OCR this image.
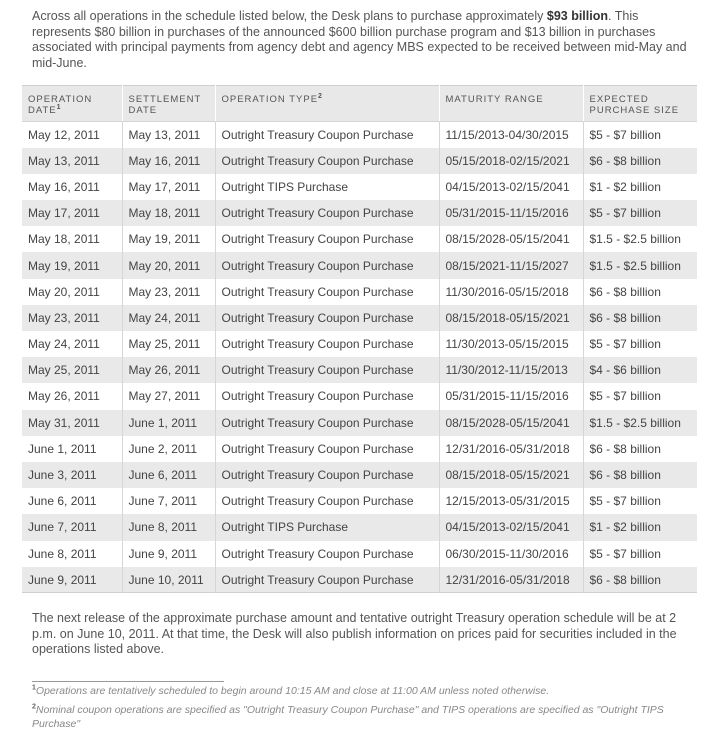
Across all operations in the schedule listed below, the Desk plans to purchase approximately $93 billion. This represents $80 billion in purchases of the announced $600 billion purchase program and $13 billion in purchases associated with principal payments from agency debt and agency MBS expected to be received between mid-May and mid-June.

OPERATION DATE$^1$	SETTLEMENT DATE	OPERATION TYPE$^2$	MATURITY RANGE	EXPECTED PURCHASE SIZE
May 12, 2011	May 13, 2011	Outright Treasury Coupon Purchase	11/15/2013-04/30/2015	$5 - $7 billion
May 13, 2011	May 16, 2011	Outright Treasury Coupon Purchase	05/15/2018-02/15/2021	$6 - $8 billion
May 16, 2011	May 17, 2011	Outright TIPS Purchase	04/15/2013-02/15/2041	$1 - $2 billion
May 17, 2011	May 18, 2011	Outright Treasury Coupon Purchase	05/31/2015-11/15/2016	$5 - $7 billion
May 18, 2011	May 19, 2011	Outright Treasury Coupon Purchase	08/15/2028-05/15/2041	$1.5 - $2.5 billion
May 19, 2011	May 20, 2011	Outright Treasury Coupon Purchase	08/15/2021-11/15/2027	$1.5 - $2.5 billion
May 20, 2011	May 23, 2011	Outright Treasury Coupon Purchase	11/30/2016-05/15/2018	$6 - $8 billion
May 23, 2011	May 24, 2011	Outright Treasury Coupon Purchase	08/15/2018-05/15/2021	$6 - $8 billion
May 24, 2011	May 25, 2011	Outright Treasury Coupon Purchase	11/30/2013-05/15/2015	$5 - $7 billion
May 25, 2011	May 26, 2011	Outright Treasury Coupon Purchase	11/30/2012-11/15/2013	$4 - $6 billion
May 26, 2011	May 27, 2011	Outright Treasury Coupon Purchase	05/31/2015-11/15/2016	$5 - $7 billion
May 31, 2011	June 1, 2011	Outright Treasury Coupon Purchase	08/15/2028-05/15/2041	$1.5 - $2.5 billion
June 1, 2011	June 2, 2011	Outright Treasury Coupon Purchase	12/31/2016-05/31/2018	$6 - $8 billion
June 3, 2011	June 6, 2011	Outright Treasury Coupon Purchase	08/15/2018-05/15/2021	$6 - $8 billion
June 6, 2011	June 7, 2011	Outright Treasury Coupon Purchase	12/15/2013-05/31/2015	$5 - $7 billion
June 7, 2011	June 8, 2011	Outright TIPS Purchase	04/15/2013-02/15/2041	$1 - $2 billion
June 8, 2011	June 9, 2011	Outright Treasury Coupon Purchase	06/30/2015-11/30/2016	$5 - $7 billion
June 9, 2011	June 10, 2011	Outright Treasury Coupon Purchase	12/31/2016-05/31/2018	$6 - $8 billion

The next release of the approximate purchase amount and tentative outright Treasury operation schedule will be at 2 p.m. on June 10, 2011. At that time, the Desk will also publish information on prices paid for securities included in the operations listed above.

$^1$Operations are tentatively scheduled to begin around 10:15 AM and close at 11:00 AM unless noted otherwise.
$^2$Nominal coupon operations are specified as "Outright Treasury Coupon Purchase" and TIPS operations are specified as "Outright TIPS Purchase"
